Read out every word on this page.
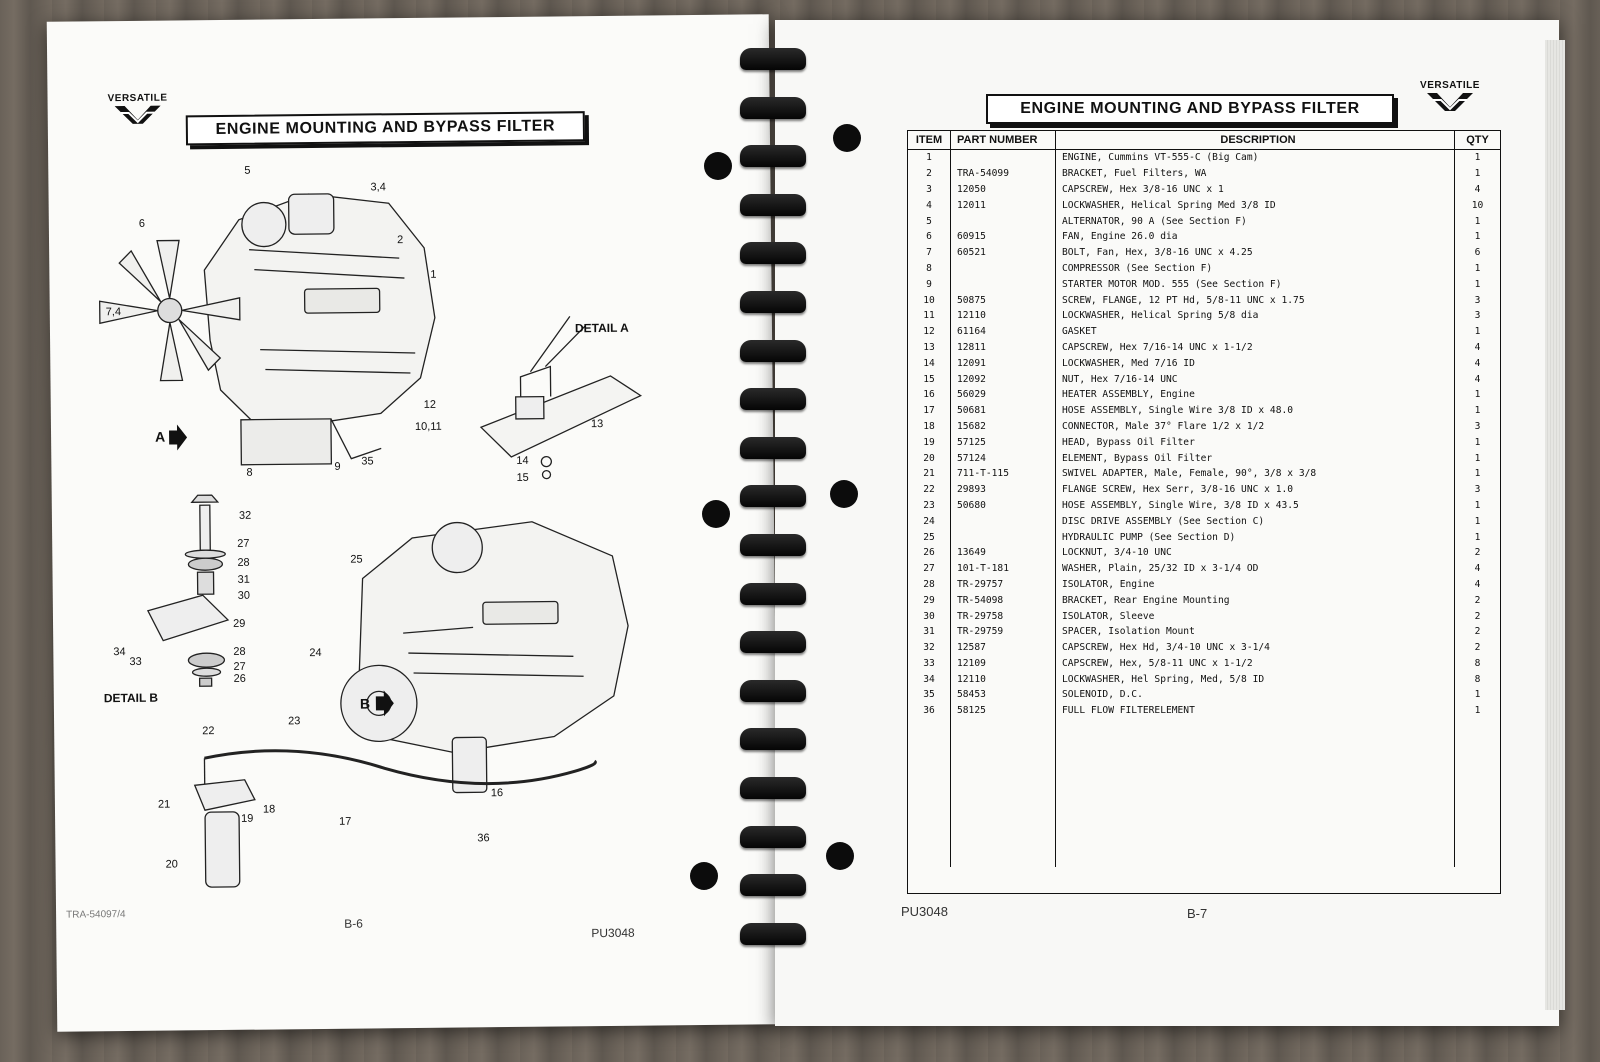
VERSATILE
ENGINE MOUNTING AND BYPASS FILTER
5
3,4
2
1
6
7,4
12
10,11	13
8	9 35	14
15
32
27
28
31
30
29
34
33
28
27
26
25
24
22
23
21
19
18
17
16
36
20
DETAIL A
DETAIL B
A
B
TRA-54097/4
B-6
PU3048
ENGINE MOUNTING AND BYPASS FILTER
VERSATILE
ITEM	PART NUMBER	DESCRIPTION	QTY
1		ENGINE, Cummins VT-555-C (Big Cam)	1
2	TRA-54099	BRACKET, Fuel Filters, WA	1
3	12050	CAPSCREW, Hex 3/8-16 UNC x 1	4
4	12011	LOCKWASHER, Helical Spring Med 3/8 ID	10
5		ALTERNATOR, 90 A (See Section F)	1
6	60915	FAN, Engine 26.0 dia	1
7	60521	BOLT, Fan, Hex, 3/8-16 UNC x 4.25	6
8		COMPRESSOR (See Section F)	1
9		STARTER MOTOR MOD. 555 (See Section F)	1
10	50875	SCREW, FLANGE, 12 PT Hd, 5/8-11 UNC x 1.75	3
11	12110	LOCKWASHER, Helical Spring 5/8 dia	3
12	61164	GASKET	1
13	12811	CAPSCREW, Hex 7/16-14 UNC x 1-1/2	4
14	12091	LOCKWASHER, Med 7/16 ID	4
15	12092	NUT, Hex 7/16-14 UNC	4
16	56029	HEATER ASSEMBLY, Engine	1
17	50681	HOSE ASSEMBLY, Single Wire 3/8 ID x 48.0	1
18	15682	CONNECTOR, Male 37° Flare 1/2 x 1/2	3
19	57125	HEAD, Bypass Oil Filter	1
20	57124	ELEMENT, Bypass Oil Filter	1
21	711-T-115	SWIVEL ADAPTER, Male, Female, 90°, 3/8 x 3/8	1
22	29893	FLANGE SCREW, Hex Serr, 3/8-16 UNC x 1.0	3
23	50680	HOSE ASSEMBLY, Single Wire, 3/8 ID x 43.5	1
24		DISC DRIVE ASSEMBLY (See Section C)	1
25		HYDRAULIC PUMP (See Section D)	1
26	13649	LOCKNUT, 3/4-10 UNC	2
27	101-T-181	WASHER, Plain, 25/32 ID x 3-1/4 OD	4
28	TR-29757	ISOLATOR, Engine	4
29	TR-54098	BRACKET, Rear Engine Mounting	2
30	TR-29758	ISOLATOR, Sleeve	2
31	TR-29759	SPACER, Isolation Mount	2
32	12587	CAPSCREW, Hex Hd, 3/4-10 UNC x 3-1/4	2
33	12109	CAPSCREW, Hex, 5/8-11 UNC x 1-1/2	8
34	12110	LOCKWASHER, Hel Spring, Med, 5/8 ID	8
35	58453	SOLENOID, D.C.	1
36	58125	FULL FLOW FILTERELEMENT	1

PU3048	B-7
